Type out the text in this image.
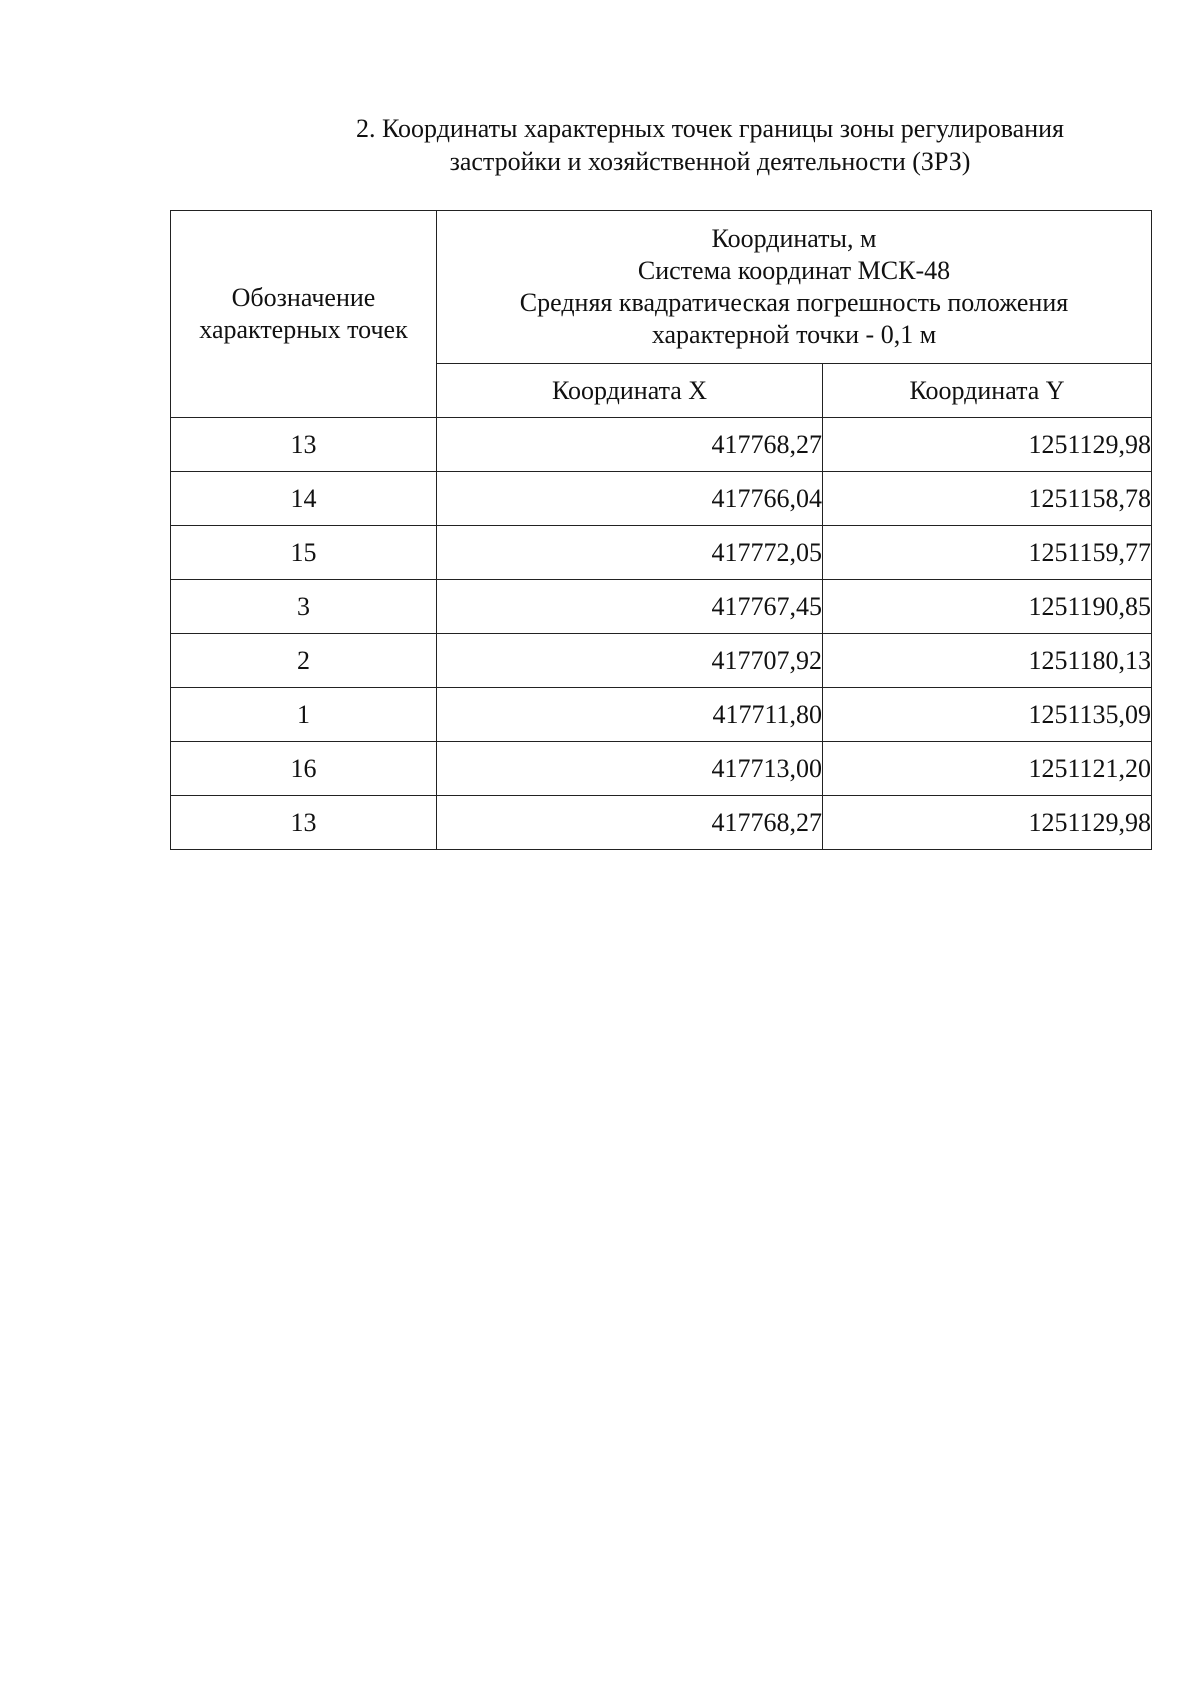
2. Координаты характерных точек границы зоны регулирования
застройки и хозяйственной деятельности (ЗРЗ)
Обозначение
характерных точек	Координаты, м
Система координат МСК-48
Средняя квадратическая погрешность положения
характерной точки - 0,1 м	

	Координата X	Координата Y
13	417768,27	1251129,98
14	417766,04	1251158,78
15	417772,05	1251159,77
3	417767,45	1251190,85
2	417707,92	1251180,13
1	417711,80	1251135,09
16	417713,00	1251121,20
13	417768,27	1251129,98
